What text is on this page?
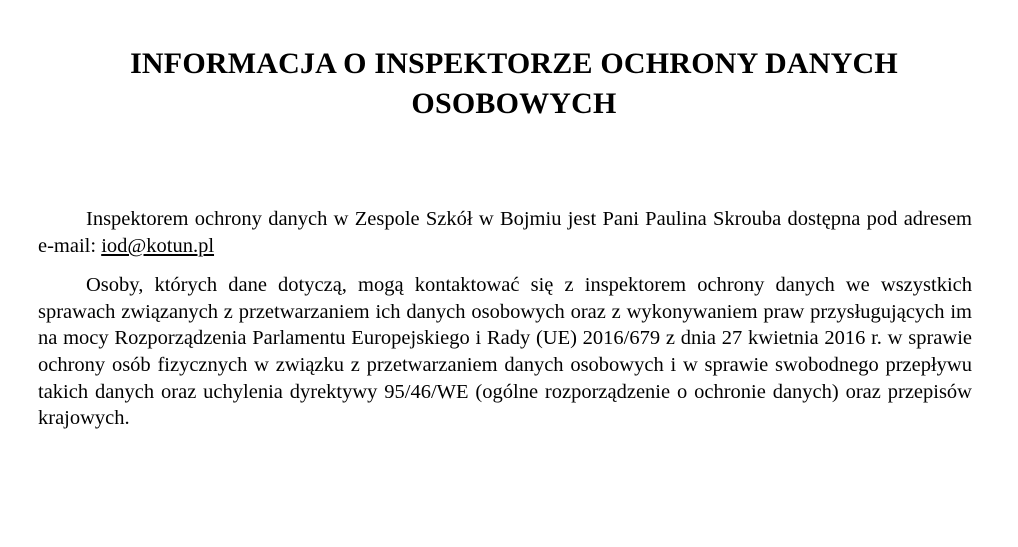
INFORMACJA O INSPEKTORZE OCHRONY DANYCH
OSOBOWYCH

Inspektorem ochrony danych w Zespole Szkół w Bojmiu jest Pani Paulina Skrouba dostępna pod adresem e-mail: iod@kotun.pl

Osoby, których dane dotyczą, mogą kontaktować się z inspektorem ochrony danych we wszystkich sprawach związanych z przetwarzaniem ich danych osobowych oraz z wykonywaniem praw przysługujących im na mocy Rozporządzenia Parlamentu Europejskiego i Rady (UE) 2016/679 z dnia 27 kwietnia 2016 r. w sprawie ochrony osób fizycznych w związku z przetwarzaniem danych osobowych i w sprawie swobodnego przepływu takich danych oraz uchylenia dyrektywy 95/46/WE (ogólne rozporządzenie o ochronie danych) oraz przepisów krajowych.
